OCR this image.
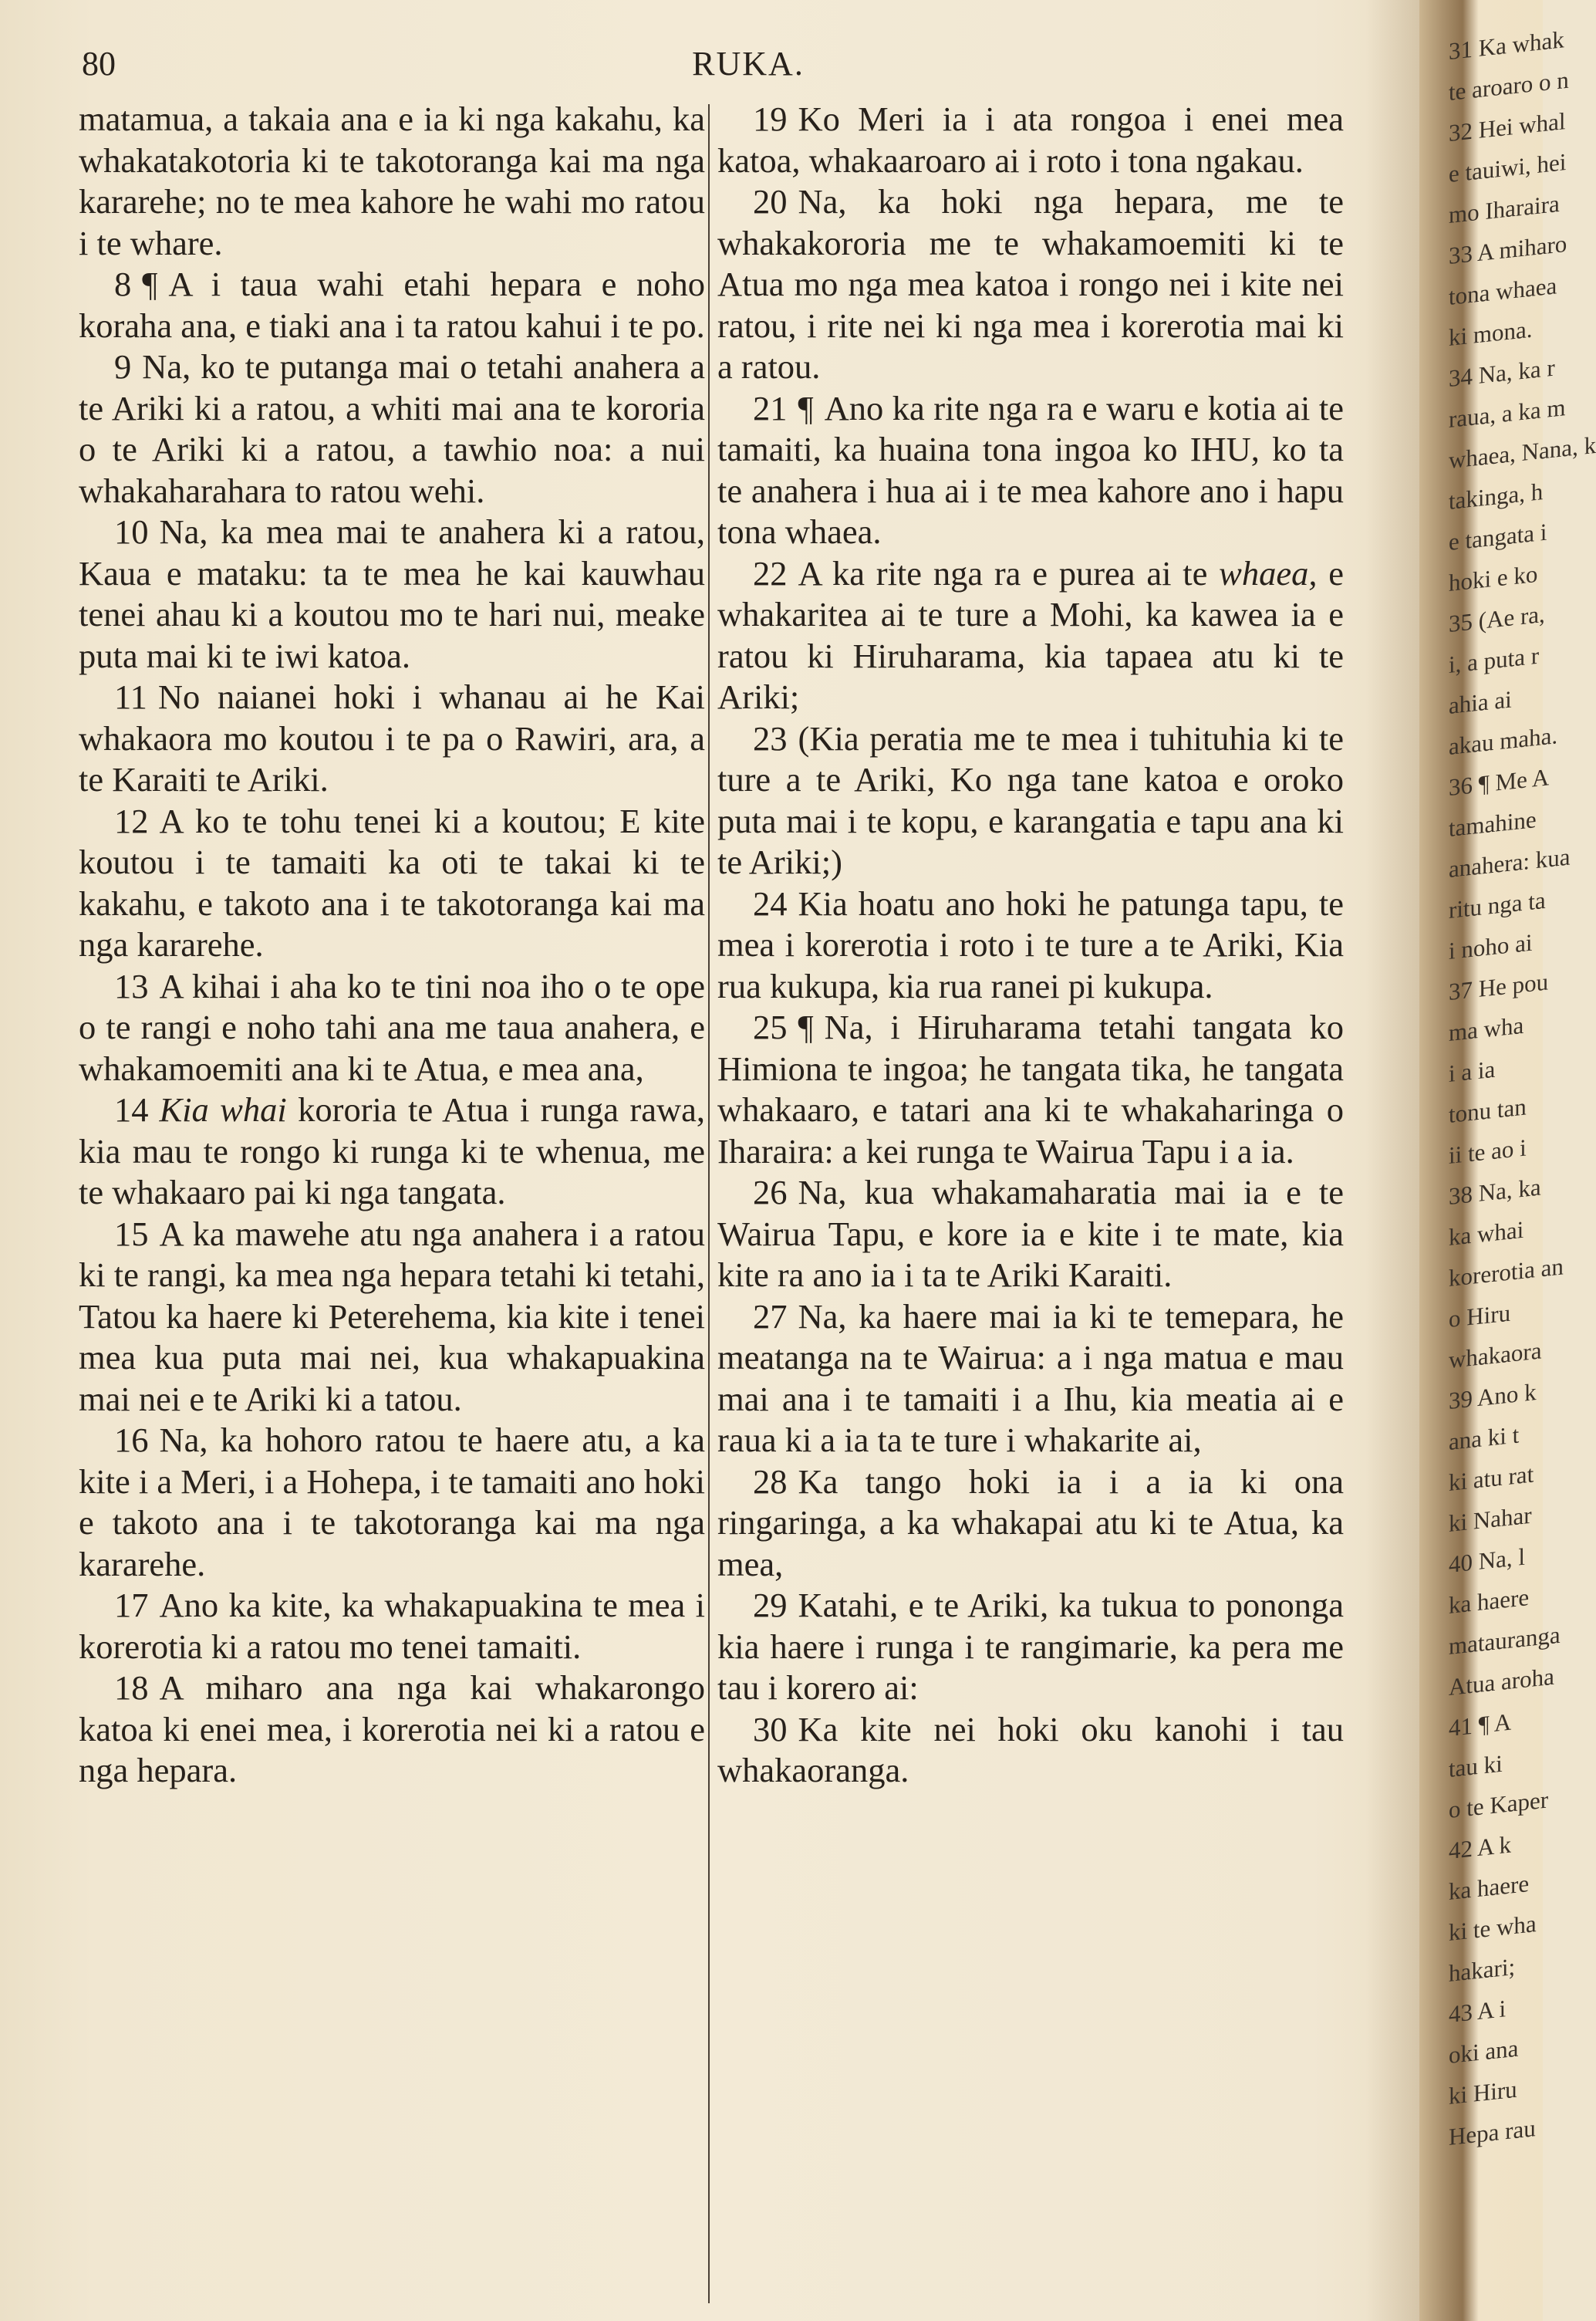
80	RUKA.

matamua, a takaia ana e ia ki nga kakahu, ka whakatakotoria ki te takotoranga kai ma nga kararehe; no te mea kahore he wahi mo ratou i te whare.

8 ¶ A i taua wahi etahi hepara e noho koraha ana, e tiaki ana i ta ratou kahui i te po.

9 Na, ko te putanga mai o tetahi anahera a te Ariki ki a ratou, a whiti mai ana te kororia o te Ariki ki a ratou, a tawhio noa: a nui whakaharahara to ratou wehi.

10 Na, ka mea mai te anahera ki a ratou, Kaua e mataku: ta te mea he kai kauwhau tenei ahau ki a koutou mo te hari nui, meake puta mai ki te iwi katoa.

11 No naianei hoki i whanau ai he Kai whakaora mo koutou i te pa o Rawiri, ara, a te Karaiti te Ariki.

12 A ko te tohu tenei ki a koutou; E kite koutou i te tamaiti ka oti te takai ki te kakahu, e takoto ana i te takotoranga kai ma nga kararehe.

13 A kihai i aha ko te tini noa iho o te ope o te rangi e noho tahi ana me taua anahera, e whakamoemiti ana ki te Atua, e mea ana,

14 Kia whai kororia te Atua i runga rawa, kia mau te rongo ki runga ki te whenua, me te whakaaro pai ki nga tangata.

15 A ka mawehe atu nga anahera i a ratou ki te rangi, ka mea nga hepara tetahi ki tetahi, Tatou ka haere ki Peterehema, kia kite i tenei mea kua puta mai nei, kua whakapuakina mai nei e te Ariki ki a tatou.

16 Na, ka hohoro ratou te haere atu, a ka kite i a Meri, i a Hohepa, i te tamaiti ano hoki e takoto ana i te takotoranga kai ma nga kararehe.

17 Ano ka kite, ka whakapuakina te mea i korerotia ki a ratou mo tenei tamaiti.

18 A miharo ana nga kai whakarongo katoa ki enei mea, i korerotia nei ki a ratou e nga hepara.

19 Ko Meri ia i ata rongoa i enei mea katoa, whakaaroaro ai i roto i tona ngakau.

20 Na, ka hoki nga hepara, me te whakakororia me te whakamoemiti ki te Atua mo nga mea katoa i rongo nei i kite nei ratou, i rite nei ki nga mea i korerotia mai ki a ratou.

21 ¶ Ano ka rite nga ra e waru e kotia ai te tamaiti, ka huaina tona ingoa ko IHU, ko ta te anahera i hua ai i te mea kahore ano i hapu tona whaea.

22 A ka rite nga ra e purea ai te whaea, e whakaritea ai te ture a Mohi, ka kawea ia e ratou ki Hiruharama, kia tapaea atu ki te Ariki;

23 (Kia peratia me te mea i tuhituhia ki te ture a te Ariki, Ko nga tane katoa e oroko puta mai i te kopu, e karangatia e tapu ana ki te Ariki;)

24 Kia hoatu ano hoki he patunga tapu, te mea i korerotia i roto i te ture a te Ariki, Kia rua kukupa, kia rua ranei pi kukupa.

25 ¶ Na, i Hiruharama tetahi tangata ko Himiona te ingoa; he tangata tika, he tangata whakaaro, e tatari ana ki te whakaharinga o Iharaira: a kei runga te Wairua Tapu i a ia.

26 Na, kua whakamaharatia mai ia e te Wairua Tapu, e kore ia e kite i te mate, kia kite ra ano ia i ta te Ariki Karaiti.

27 Na, ka haere mai ia ki te temepara, he meatanga na te Wairua: a i nga matua e mau mai ana i te tamaiti i a Ihu, kia meatia ai e raua ki a ia ta te ture i whakarite ai,

28 Ka tango hoki ia i a ia ki ona ringaringa, a ka whakapai atu ki te Atua, ka mea,

29 Katahi, e te Ariki, ka tukua to pononga kia haere i runga i te rangimarie, ka pera me tau i korero ai:

30 Ka kite nei hoki oku kanohi i tau whakaoranga.

31 Ka whak
te aroaro o n
32 Hei whal
e tauiwi, hei
mo Iharaira
33 A miharo
tona whaea
ki mona.
34 Na, ka r
raua, a ka m
whaea, Nana, k
takinga, h
e tangata i
hoki e ko
35 (Ae ra,
i, a puta r
ahia ai
akau maha.
36 ¶ Me A
tamahine
anahera: kua
ritu nga ta
i noho ai
37 He pou
ma wha
i a ia
tonu tan
ii te ao i
38 Na, ka
ka whai
korerotia an
o Hiru
whakaora
39 Ano k
ana ki t
ki atu rat
ki Nahar
40 Na, l
ka haere
matauranga
Atua aroha
41 ¶ A
tau ki
o te Kaper
42 A k
ka haere
ki te wha
hakari;
43 A i
oki ana
ki Hiru
Hepa rau
